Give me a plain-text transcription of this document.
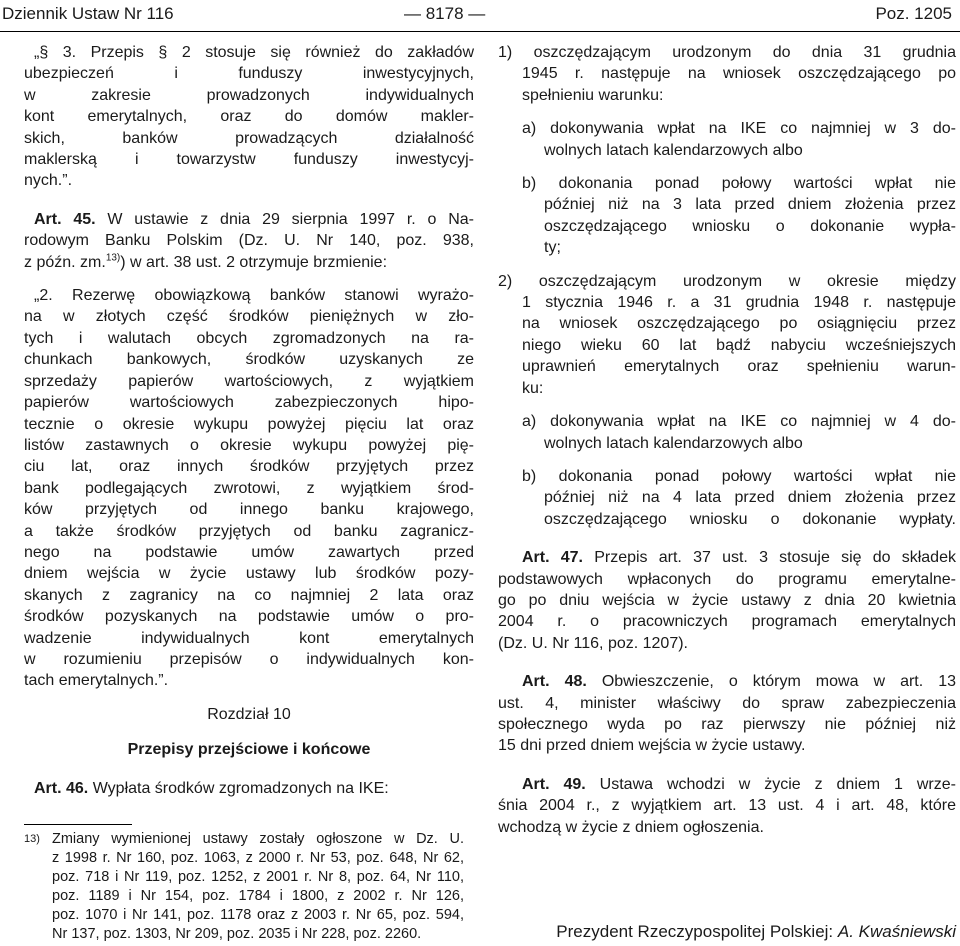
Dziennik Ustaw Nr 116	— 8178 —	Poz. 1205
„§ 3. Przepis § 2 stosuje się również do zakładów
ubezpieczeń i funduszy inwestycyjnych,
w zakresie prowadzonych indywidualnych
kont emerytalnych, oraz do domów makler-
skich, banków prowadzących działalność
maklerską i towarzystw funduszy inwestycyj-
nych.”.
Art. 45. W ustawie z dnia 29 sierpnia 1997 r. o Na-
rodowym Banku Polskim (Dz. U. Nr 140, poz. 938,
z późn. zm.$^{13)}$) w art. 38 ust. 2 otrzymuje brzmienie:
„2. Rezerwę obowiązkową banków stanowi wyrażo-
na w złotych część środków pieniężnych w zło-
tych i walutach obcych zgromadzonych na ra-
chunkach bankowych, środków uzyskanych ze
sprzedaży papierów wartościowych, z wyjątkiem
papierów wartościowych zabezpieczonych hipo-
tecznie o okresie wykupu powyżej pięciu lat oraz
listów zastawnych o okresie wykupu powyżej pię-
ciu lat, oraz innych środków przyjętych przez
bank podlegających zwrotowi, z wyjątkiem środ-
ków przyjętych od innego banku krajowego,
a także środków przyjętych od banku zagranicz-
nego na podstawie umów zawartych przed
dniem wejścia w życie ustawy lub środków pozy-
skanych z zagranicy na co najmniej 2 lata oraz
środków pozyskanych na podstawie umów o pro-
wadzenie indywidualnych kont emerytalnych
w rozumieniu przepisów o indywidualnych kon-
tach emerytalnych.”.
Rozdział 10
Przepisy przejściowe i końcowe
Art. 46. Wypłata środków zgromadzonych na IKE:
13) Zmiany wymienionej ustawy zostały ogłoszone w Dz. U.
z 1998 r. Nr 160, poz. 1063, z 2000 r. Nr 53, poz. 648, Nr 62,
poz. 718 i Nr 119, poz. 1252, z 2001 r. Nr 8, poz. 64, Nr 110,
poz. 1189 i Nr 154, poz. 1784 i 1800, z 2002 r. Nr 126,
poz. 1070 i Nr 141, poz. 1178 oraz z 2003 r. Nr 65, poz. 594,
Nr 137, poz. 1303, Nr 209, poz. 2035 i Nr 228, poz. 2260.
1) oszczędzającym urodzonym do dnia 31 grudnia
1945 r. następuje na wniosek oszczędzającego po
spełnieniu warunku:
a) dokonywania wpłat na IKE co najmniej w 3 do-
wolnych latach kalendarzowych albo
b) dokonania ponad połowy wartości wpłat nie
później niż na 3 lata przed dniem złożenia przez
oszczędzającego wniosku o dokonanie wypła-
ty;
2) oszczędzającym urodzonym w okresie między
1 stycznia 1946 r. a 31 grudnia 1948 r. następuje
na wniosek oszczędzającego po osiągnięciu przez
niego wieku 60 lat bądź nabyciu wcześniejszych
uprawnień emerytalnych oraz spełnieniu warun-
ku:
a) dokonywania wpłat na IKE co najmniej w 4 do-
wolnych latach kalendarzowych albo
b) dokonania ponad połowy wartości wpłat nie
później niż na 4 lata przed dniem złożenia przez
oszczędzającego wniosku o dokonanie wypłaty.
Art. 47. Przepis art. 37 ust. 3 stosuje się do składek
podstawowych wpłaconych do programu emerytalne-
go po dniu wejścia w życie ustawy z dnia 20 kwietnia
2004 r. o pracowniczych programach emerytalnych
(Dz. U. Nr 116, poz. 1207).
Art. 48. Obwieszczenie, o którym mowa w art. 13
ust. 4, minister właściwy do spraw zabezpieczenia
społecznego wyda po raz pierwszy nie później niż
15 dni przed dniem wejścia w życie ustawy.
Art. 49. Ustawa wchodzi w życie z dniem 1 wrze-
śnia 2004 r., z wyjątkiem art. 13 ust. 4 i art. 48, które
wchodzą w życie z dniem ogłoszenia.
Prezydent Rzeczypospolitej Polskiej: A. Kwaśniewski
